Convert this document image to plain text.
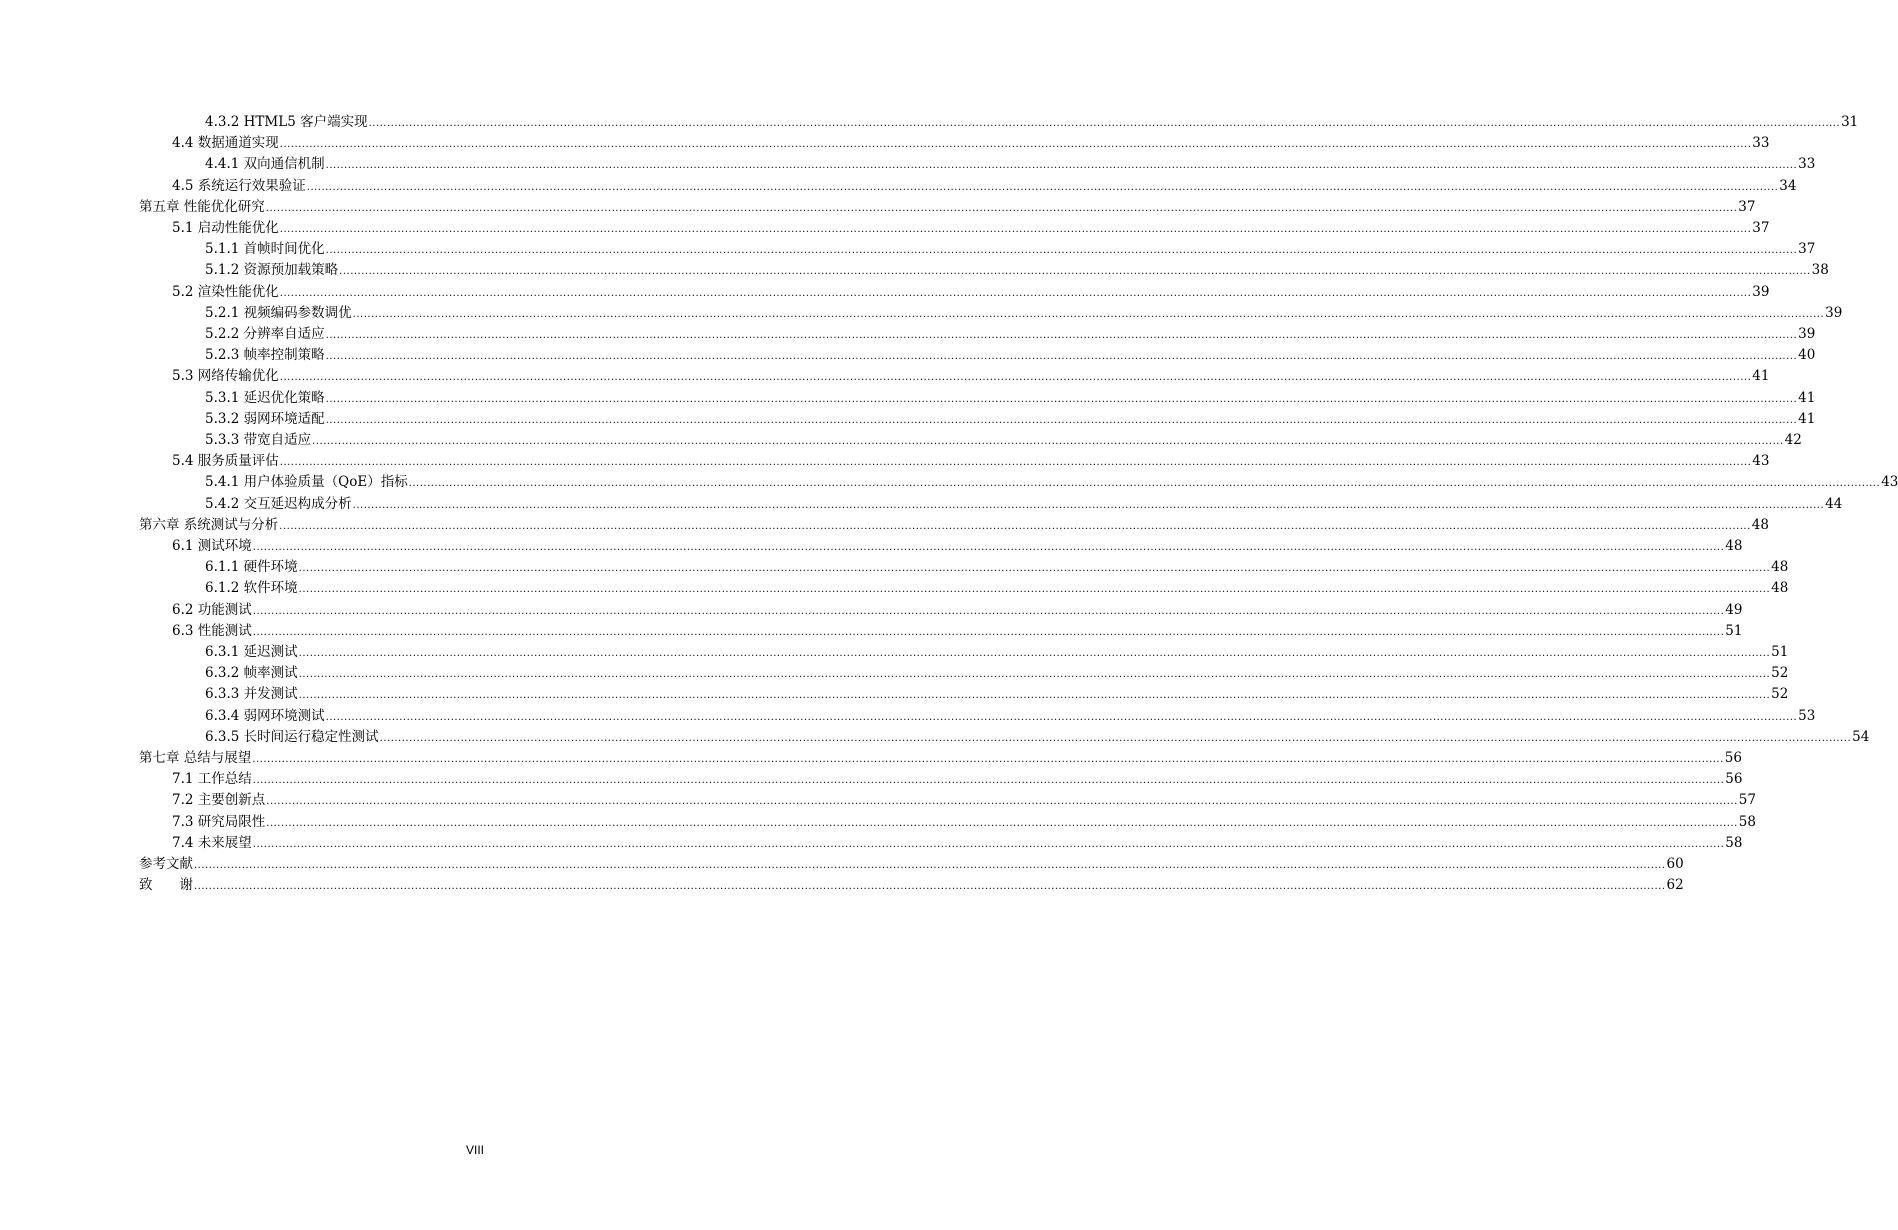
4.3.2 HTML5 客户端实现 ................................................................................................................................................................................................................................................................................................................................................................................................................ 31
4.4 数据通道实现 ................................................................................................................................................................................................................................................................................................................................................................................................................ 33
4.4.1 双向通信机制 ................................................................................................................................................................................................................................................................................................................................................................................................................ 33
4.5 系统运行效果验证 ................................................................................................................................................................................................................................................................................................................................................................................................................ 34
第五章 性能优化研究 ................................................................................................................................................................................................................................................................................................................................................................................................................ 37
5.1 启动性能优化 ................................................................................................................................................................................................................................................................................................................................................................................................................ 37
5.1.1 首帧时间优化 ................................................................................................................................................................................................................................................................................................................................................................................................................ 37
5.1.2 资源预加载策略 ................................................................................................................................................................................................................................................................................................................................................................................................................ 38
5.2 渲染性能优化 ................................................................................................................................................................................................................................................................................................................................................................................................................ 39
5.2.1 视频编码参数调优 ................................................................................................................................................................................................................................................................................................................................................................................................................ 39
5.2.2 分辨率自适应 ................................................................................................................................................................................................................................................................................................................................................................................................................ 39
5.2.3 帧率控制策略 ................................................................................................................................................................................................................................................................................................................................................................................................................ 40
5.3 网络传输优化 ................................................................................................................................................................................................................................................................................................................................................................................................................ 41
5.3.1 延迟优化策略 ................................................................................................................................................................................................................................................................................................................................................................................................................ 41
5.3.2 弱网环境适配 ................................................................................................................................................................................................................................................................................................................................................................................................................ 41
5.3.3 带宽自适应 ................................................................................................................................................................................................................................................................................................................................................................................................................ 42
5.4 服务质量评估 ................................................................................................................................................................................................................................................................................................................................................................................................................ 43
5.4.1 用户体验质量（QoE）指标 ................................................................................................................................................................................................................................................................................................................................................................................................................ 43
5.4.2 交互延迟构成分析 ................................................................................................................................................................................................................................................................................................................................................................................................................ 44
第六章 系统测试与分析 ................................................................................................................................................................................................................................................................................................................................................................................................................ 48
6.1 测试环境 ................................................................................................................................................................................................................................................................................................................................................................................................................ 48
6.1.1 硬件环境 ................................................................................................................................................................................................................................................................................................................................................................................................................ 48
6.1.2 软件环境 ................................................................................................................................................................................................................................................................................................................................................................................................................ 48
6.2 功能测试 ................................................................................................................................................................................................................................................................................................................................................................................................................ 49
6.3 性能测试 ................................................................................................................................................................................................................................................................................................................................................................................................................ 51
6.3.1 延迟测试 ................................................................................................................................................................................................................................................................................................................................................................................................................ 51
6.3.2 帧率测试 ................................................................................................................................................................................................................................................................................................................................................................................................................ 52
6.3.3 并发测试 ................................................................................................................................................................................................................................................................................................................................................................................................................ 52
6.3.4 弱网环境测试 ................................................................................................................................................................................................................................................................................................................................................................................................................ 53
6.3.5 长时间运行稳定性测试 ................................................................................................................................................................................................................................................................................................................................................................................................................ 54
第七章 总结与展望 ................................................................................................................................................................................................................................................................................................................................................................................................................ 56
7.1 工作总结 ................................................................................................................................................................................................................................................................................................................................................................................................................ 56
7.2 主要创新点 ................................................................................................................................................................................................................................................................................................................................................................................................................ 57
7.3 研究局限性 ................................................................................................................................................................................................................................................................................................................................................................................................................ 58
7.4 未来展望 ................................................................................................................................................................................................................................................................................................................................................................................................................ 58
参考文献 ................................................................................................................................................................................................................................................................................................................................................................................................................ 60
致　　谢 ................................................................................................................................................................................................................................................................................................................................................................................................................ 62
VIII
